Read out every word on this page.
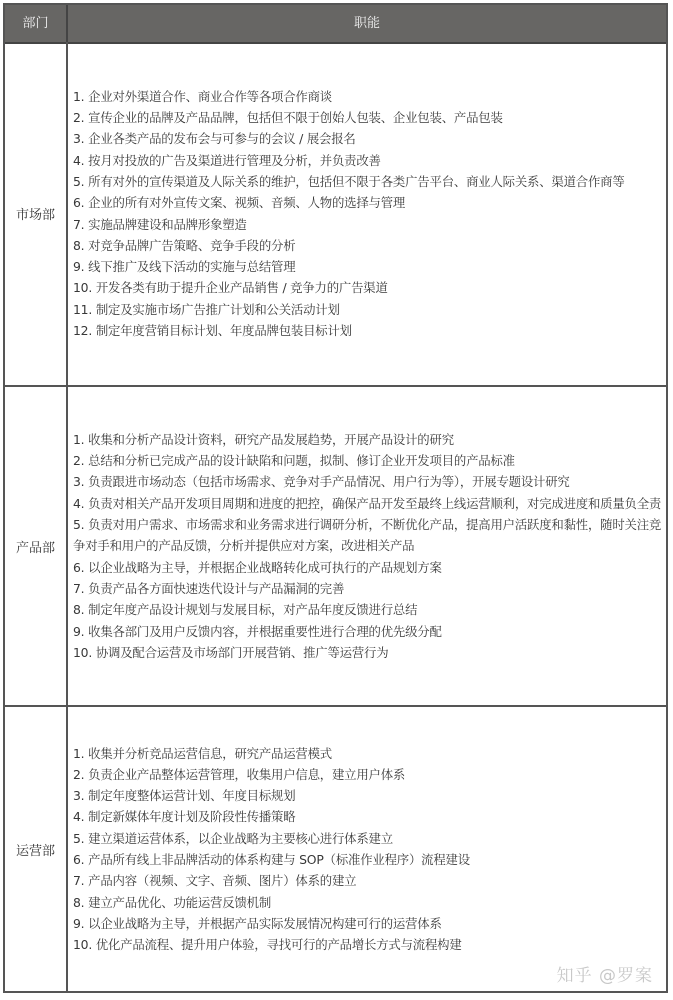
部门	职能
市场部
1. 企业对外渠道合作、商业合作等各项合作商谈
2. 宣传企业的品牌及产品品牌，包括但不限于创始人包装、企业包装、产品包装
3. 企业各类产品的发布会与可参与的会议 / 展会报名
4. 按月对投放的广告及渠道进行管理及分析，并负责改善
5. 所有对外的宣传渠道及人际关系的维护，包括但不限于各类广告平台、商业人际关系、渠道合作商等
6. 企业的所有对外宣传文案、视频、音频、人物的选择与管理
7. 实施品牌建设和品牌形象塑造
8. 对竞争品牌广告策略、竞争手段的分析
9. 线下推广及线下活动的实施与总结管理
10. 开发各类有助于提升企业产品销售 / 竞争力的广告渠道
11. 制定及实施市场广告推广计划和公关活动计划
12. 制定年度营销目标计划、年度品牌包装目标计划
产品部
1. 收集和分析产品设计资料，研究产品发展趋势，开展产品设计的研究
2. 总结和分析已完成产品的设计缺陷和问题，拟制、修订企业开发项目的产品标准
3. 负责跟进市场动态（包括市场需求、竞争对手产品情况、用户行为等），开展专题设计研究
4. 负责对相关产品开发项目周期和进度的把控，确保产品开发至最终上线运营顺利，对完成进度和质量负全责
5. 负责对用户需求、市场需求和业务需求进行调研分析，不断优化产品，提高用户活跃度和黏性，随时关注竞争对手和用户的产品反馈，分析并提供应对方案，改进相关产品
6. 以企业战略为主导，并根据企业战略转化成可执行的产品规划方案
7. 负责产品各方面快速迭代设计与产品漏洞的完善
8. 制定年度产品设计规划与发展目标，对产品年度反馈进行总结
9. 收集各部门及用户反馈内容，并根据重要性进行合理的优先级分配
10. 协调及配合运营及市场部门开展营销、推广等运营行为
运营部
1. 收集并分析竞品运营信息，研究产品运营模式
2. 负责企业产品整体运营管理，收集用户信息，建立用户体系
3. 制定年度整体运营计划、年度目标规划
4. 制定新媒体年度计划及阶段性传播策略
5. 建立渠道运营体系，以企业战略为主要核心进行体系建立
6. 产品所有线上非品牌活动的体系构建与 SOP（标准作业程序）流程建设
7. 产品内容（视频、文字、音频、图片）体系的建立
8. 建立产品优化、功能运营反馈机制
9. 以企业战略为主导，并根据产品实际发展情况构建可行的运营体系
10. 优化产品流程、提升用户体验，寻找可行的产品增长方式与流程构建
知乎 @罗案
